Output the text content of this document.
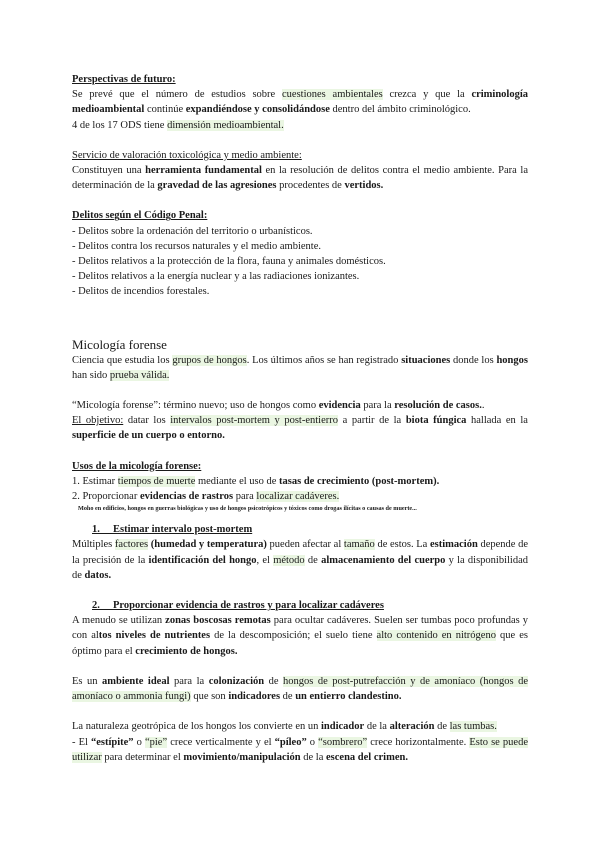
Perspectivas de futuro:

Se prevé que el número de estudios sobre cuestiones ambientales crezca y que la criminología medioambiental continúe expandiéndose y consolidándose dentro del ámbito criminológico.

4 de los 17 ODS tiene dimensión medioambiental.

Servicio de valoración toxicológica y medio ambiente:

Constituyen una herramienta fundamental en la resolución de delitos contra el medio ambiente. Para la determinación de la gravedad de las agresiones procedentes de vertidos.

Delitos según el Código Penal:

- Delitos sobre la ordenación del territorio o urbanísticos.

- Delitos contra los recursos naturales y el medio ambiente.

- Delitos relativos a la protección de la flora, fauna y animales domésticos.

- Delitos relativos a la energía nuclear y a las radiaciones ionizantes.

- Delitos de incendios forestales.

Micología forense

Ciencia que estudia los grupos de hongos. Los últimos años se han registrado situaciones donde los hongos han sido prueba válida.

“Micología forense”: término nuevo; uso de hongos como evidencia para la resolución de casos..

El objetivo: datar los intervalos post-mortem y post-entierro a partir de la biota fúngica hallada en la superficie de un cuerpo o entorno.

Usos de la micología forense:

1. Estimar tiempos de muerte mediante el uso de tasas de crecimiento (post-mortem).

2. Proporcionar evidencias de rastros para localizar cadáveres.

Moho en edificios, hongos en guerras biológicas y uso de hongos psicotrópicos y tóxicos como drogas ilícitas o causas de muerte...

1.     Estimar intervalo post-mortem

Múltiples factores (humedad y temperatura) pueden afectar al tamaño de estos. La estimación depende de la precisión de la identificación del hongo, el método de almacenamiento del cuerpo y la disponibilidad de datos.

2.     Proporcionar evidencia de rastros y para localizar cadáveres

A menudo se utilizan zonas boscosas remotas para ocultar cadáveres. Suelen ser tumbas poco profundas y con altos niveles de nutrientes de la descomposición; el suelo tiene alto contenido en nitrógeno que es óptimo para el crecimiento de hongos.

Es un ambiente ideal para la colonización de hongos de post-putrefacción y de amoníaco (hongos de amoníaco o ammonia fungi) que son indicadores de un entierro clandestino.

La naturaleza geotrópica de los hongos los convierte en un indicador de la alteración de las tumbas.

- El “estípite” o “pie” crece verticalmente y el “píleo” o “sombrero” crece horizontalmente. Esto se puede utilizar para determinar el movimiento/manipulación de la escena del crimen.
